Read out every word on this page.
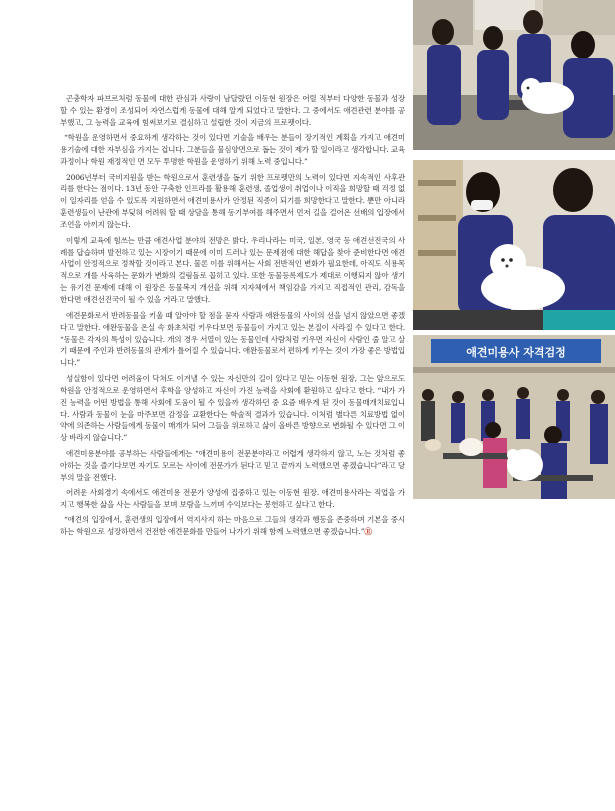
곤충학자 파브르처럼 동물에 대한 관심과 사랑이 남달랐던 이동현 원장은 어릴 적부터 다양한 동물과 성장할 수 있는 환경이 조성되어 자연스럽게 동물에 대해 알게 되었다고 말한다. 그 중에서도 애견관련 분야를 공부했고, 그 능력을 교육에 힘써보기로 결심하고 설립한 것이 지금의 프로펫이다.

“학원을 운영하면서 중요하게 생각하는 것이 있다면 기술을 배우는 분들이 장기적인 계획을 가지고 애견미용기술에 대한 자부심을 가지는 겁니다. 그분들을 물심양면으로 돕는 것이 제가 할 일이라고 생각합니다. 교육과정이나 학원 재정적인 면 모두 투명한 학원을 운영하기 위해 노력 중입니다.”

2006년부터 국비지원을 받는 학원으로서 훈련생을 돕기 위한 프로펫만의 노력이 있다면 지속적인 사후관리를 한다는 점이다. 13년 동안 구축한 인프라를 활용해 훈련생, 졸업생이 취업이나 이직을 희망할 때 걱정 없이 일자리를 얻을 수 있도록 지원하면서 애견미용사가 안정된 직종이 되기를 희망한다고 말한다. 뿐만 아니라 훈련생들이 난관에 부딪혀 어려워 할 때 상담을 통해 동기부여를 해주면서 먼저 길을 걸어온 선배의 입장에서 조언을 아끼지 않는다.

이렇게 교육에 힘쓰는 만큼 애견사업 분야의 전망은 밝다. 우리나라는 미국, 일본, 영국 등 애견선진국의 사례를 답습하며 발전하고 있는 시장이기 때문에 이미 드러나 있는 문제점에 대한 해답을 찾아 준비한다면 애견사업이 안정적으로 정착할 것이라고 본다. 물론 이를 위해서는 사회 전반적인 변화가 필요한데, 아직도 식용목적으로 개를 사육하는 문화가 변화의 걸림돌로 꼽히고 있다. 또한 동물등록제도가 제대로 이행되지 않아 생기는 유기견 문제에 대해 이 원장은 동물복지 개선을 위해 지자체에서 책임감을 가지고 직접적인 관리, 감독을 한다면 애견선진국이 될 수 있을 거라고 말했다.

애견문화로서 반려동물을 키울 때 알아야 할 점을 묻자 사람과 애완동물의 사이의 선을 넘지 않았으면 좋겠다고 말한다. 애완동물을 온실 속 화초처럼 키우다보면 동물들이 가지고 있는 본질이 사라질 수 있다고 한다. “동물은 각자의 특성이 있습니다. 개의 경우 서열이 있는 동물인데 사람처럼 키우면 자신이 사람인 줄 알고 살기 때문에 주인과 반려동물의 관계가 틀어질 수 있습니다. 애완동물로서 편하게 키우는 것이 가장 좋은 방법입니다.”

성실함이 있다면 어려움이 닥쳐도 이겨낼 수 있는 자신만의 길이 있다고 믿는 이동현 원장, 그는 앞으로도 학원을 안정적으로 운영하면서 후학을 양성하고 자신이 가진 능력을 사회에 환원하고 싶다고 한다. “내가 가진 능력을 어떤 방법을 통해 사회에 도움이 될 수 있을까 생각하던 중 요즘 배우게 된 것이 동물매개치료입니다. 사람과 동물이 눈을 마주보면 감정을 교환한다는 학술적 결과가 있습니다. 이처럼 별다른 치료방법 없이 약에 의존하는 사람들에게 동물이 매개가 되어 그들을 위로하고 삶이 올바른 방향으로 변화될 수 있다면 그 이상 바라지 않습니다.”

애견미용분야를 공부하는 사람들에게는 “애견미용이 전문분야라고 어렵게 생각하지 않고, 노는 것처럼 좋아하는 것을 즐기다보면 자기도 모르는 사이에 전문가가 된다고 믿고 끝까지 노력했으면 좋겠습니다”라고 당부의 말을 전했다.

어려운 사회경기 속에서도 애견미용 전문가 양성에 집중하고 있는 이동현 원장. 애견미용사라는 직업을 가지고 행복한 삶을 사는 사람들을 보며 보람을 느끼며 수익보다는 봉헌하고 싶다고 한다.

“애견의 입장에서, 훈련생의 입장에서 역지사지 하는 마음으로 그들의 생각과 행동을 존중하며 기본을 중시하는 학원으로 성장하면서 건전한 애견문화를 만들어 나가기 위해 함께 노력했으면 좋겠습니다.”Ⓔ

애견미용사 자격검정
